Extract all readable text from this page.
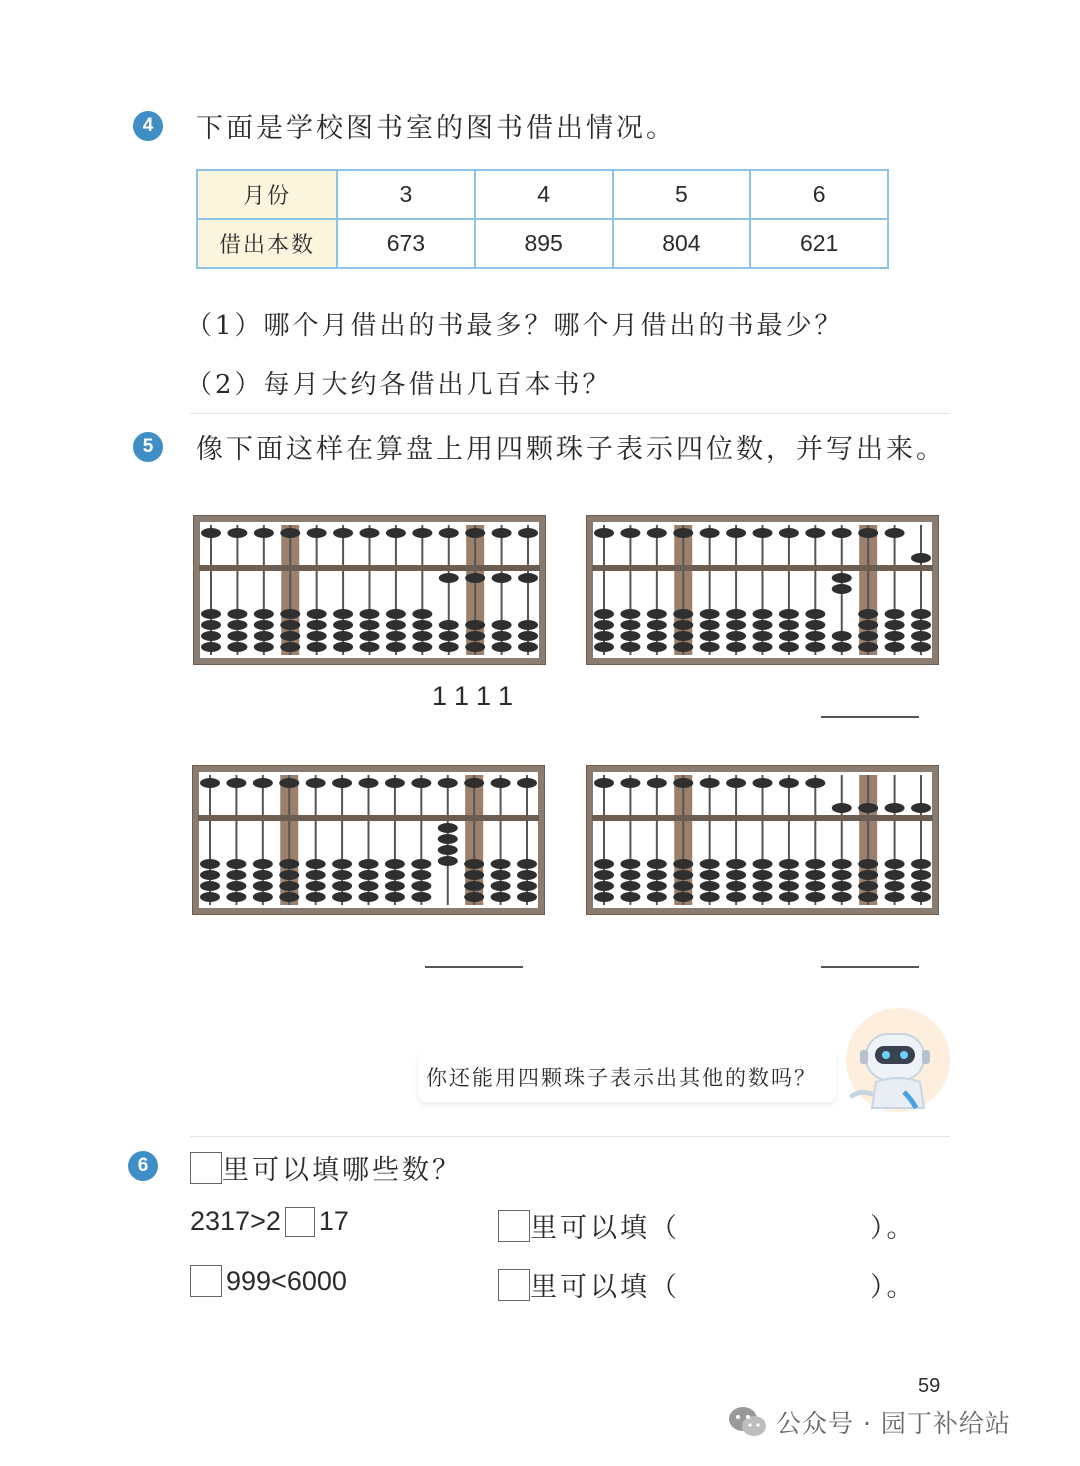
4	下面是学校图书室的图书借出情况。
月份	3	4	5	6
借出本数	673	895	804	621
（1）哪个月借出的书最多？哪个月借出的书最少？
（2）每月大约各借出几百本书？
5	像下面这样在算盘上用四颗珠子表示四位数，并写出来。
1111
你还能用四颗珠子表示出其他的数吗？
6	里可以填哪些数？
2317>2 17	里可以填（	）。
999<6000	里可以填（	）。
59
公众号 · 园丁补给站
